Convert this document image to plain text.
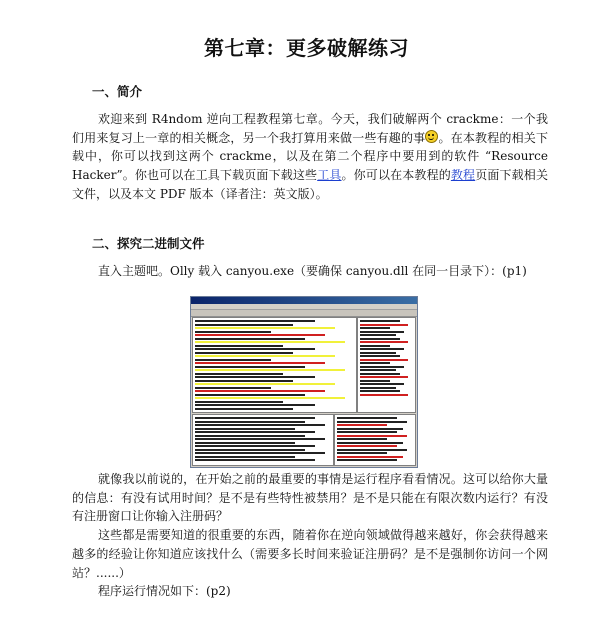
第七章：更多破解练习
一、简介

欢迎来到 R4ndom 逆向工程教程第七章。今天，我们破解两个 crackme：一个我们用来复习上一章的相关概念，另一个我打算用来做一些有趣的事 。在本教程的相关下载中，你可以找到这两个 crackme，以及在第二个程序中要用到的软件 “Resource Hacker”。你也可以在工具下载页面下载这些工具。你可以在本教程的教程页面下载相关文件，以及本文 PDF 版本（译者注：英文版）。

二、探究二进制文件

直入主题吧。Olly 载入 canyou.exe（要确保 canyou.dll 在同一目录下）：(p1)

就像我以前说的，在开始之前的最重要的事情是运行程序看看情况。这可以给你大量的信息：有没有试用时间？是不是有些特性被禁用？是不是只能在有限次数内运行？有没有注册窗口让你输入注册码？

这些都是需要知道的很重要的东西，随着你在逆向领域做得越来越好，你会获得越来越多的经验让你知道应该找什么（需要多长时间来验证注册码？是不是强制你访问一个网站？......）

程序运行情况如下：(p2)
